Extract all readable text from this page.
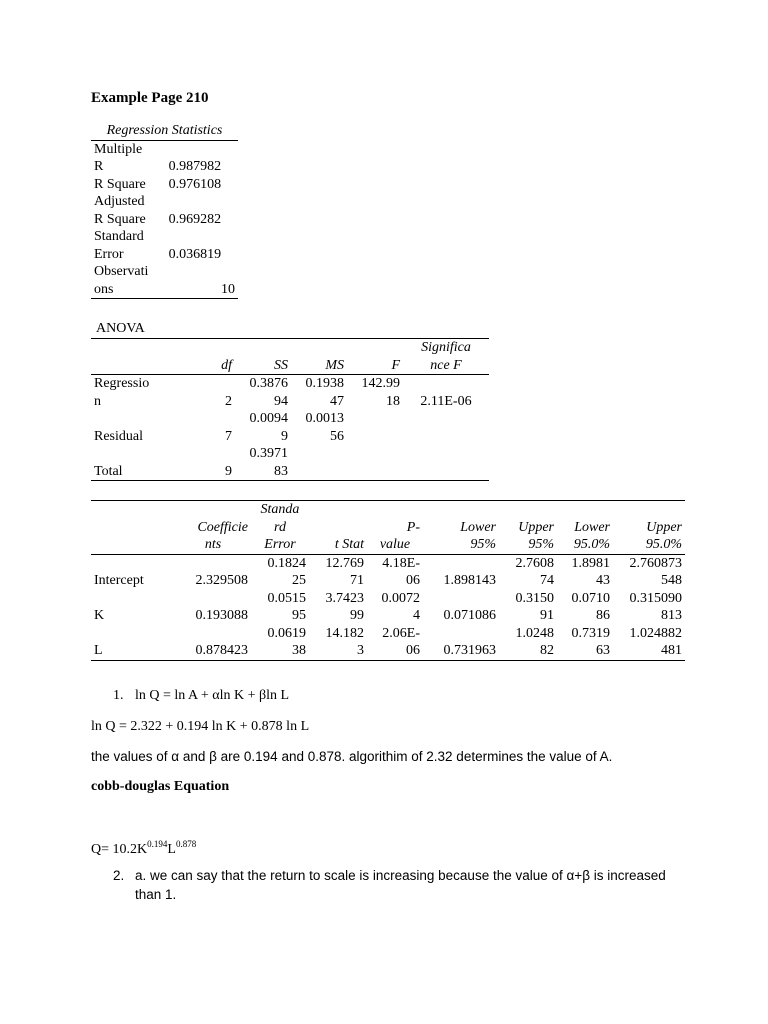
Example Page 210
Regression Statistics	
Multiple	
R	0.987982
R Square	0.976108
Adjusted	
R Square	0.969282
Standard	
Error	0.036819
Observati	
ons	10
ANOVA
					Significa
	df	SS	MS	F	nce F
Regressio		0.3876	0.1938	142.99	
n	2	94	47	18	2.11E-06
		0.0094	0.0013		
Residual	7	9	56		
		0.3971			
Total	9	83			
		Standa						
	Coefficie	rd		P-	Lower	Upper	Lower	Upper
	nts	Error	t Stat	value	95%	95%	95.0%	95.0%
		0.1824	12.769	4.18E-		2.7608	1.8981	2.760873
Intercept	2.329508	25	71	06	1.898143	74	43	548
		0.0515	3.7423	0.0072		0.3150	0.0710	0.315090
K	0.193088	95	99	4	0.071086	91	86	813
		0.0619	14.182	2.06E-		1.0248	0.7319	1.024882
L	0.878423	38	3	06	0.731963	82	63	481
1. ln Q = ln A + αln K + βln L
ln Q = 2.322 + 0.194 ln K + 0.878 ln L
the values of α and β are 0.194 and 0.878. algorithim of 2.32 determines the value of A.
cobb-douglas Equation
$Q= 10.2K^{0.194}L^{0.878}$
2. a. we can say that the return to scale is increasing because the value of α+β is increased
than 1.
